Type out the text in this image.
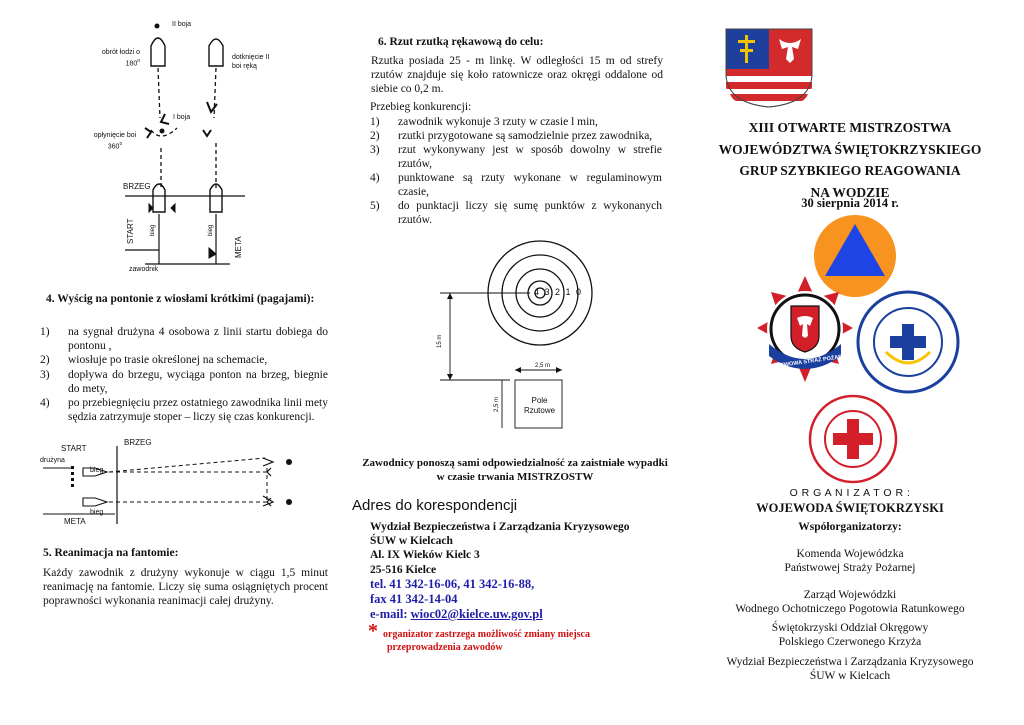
II boja
obrót łodzi o 180$^o$	dotknięcie II boi ręką
I boja
opłynięcie boi 360$^o$
BRZEG
START	bieg	bieg
META
zawodnik
4. Wyścig na pontonie z wiosłami krótkimi (pagajami):
1) na sygnał drużyna 4 osobowa z linii startu dobiega do pontonu ,
2) wiosłuje po trasie określonej na schemacie,
3) dopływa do brzegu, wyciąga ponton na brzeg, biegnie do mety,
4) po przebiegnięciu przez ostatniego zawodnika linii mety sędzia zatrzymuje stoper – liczy się czas konkurencji.
BRZEG
START
drużyna
bieg
bieg
META
5. Reanimacja na fantomie:
Każdy zawodnik z drużyny wykonuje w ciągu 1,5 minut reanimację na fantomie. Liczy się suma osiągniętych procent poprawności wykonania reanimacji całej drużyny.
6. Rzut rzutką rękawową do celu:
Rzutka posiada 25 - m linkę. W odległości 15 m od strefy rzutów znajduje się koło ratownicze oraz okręgi oddalone od siebie co 0,2 m.
Przebieg konkurencji:
1) zawodnik wykonuje 3 rzuty w czasie l min,
2) rzutki przygotowane są samodzielnie przez zawodnika,
3) rzut wykonywany jest w sposób dowolny w strefie rzutów,
4) punktowane są rzuty wykonane w regulaminowym czasie,
5) do punktacji liczy się sumę punktów z wykonanych rzutów.
4 3 2 1 0
15 m
2,5 m
2,5 m	Pole
Rzutowe
Zawodnicy ponoszą sami odpowiedzialność za zaistniałe wypadki w czasie trwania MISTRZOSTW
Adres do korespondencji
Wydział Bezpieczeństwa i Zarządzania Kryzysowego
ŚUW w Kielcach
Al. IX Wieków Kielc 3
25-516 Kielce
tel. 41 342-16-06, 41 342-16-88,
fax 41 342-14-04
e-mail: wioc02@kielce.uw.gov.pl
* organizator zastrzega możliwość zmiany miejsca
przeprowadzenia zawodów
XIII OTWARTE MISTRZOSTWA
WOJEWÓDZTWA ŚWIĘTOKRZYSKIEGO
GRUP SZYBKIEGO REAGOWANIA
NA WODZIE
30 sierpnia 2014 r.
PAŃSTWOWA STRAŻ POŻARNA
O R G A N I Z A T O R :
WOJEWODA ŚWIĘTOKRZYSKI
Współorganizatorzy:
Komenda Wojewódzka
Państwowej Straży Pożarnej
Zarząd Wojewódzki
Wodnego Ochotniczego Pogotowia Ratunkowego
Świętokrzyski Oddział Okręgowy
Polskiego Czerwonego Krzyża
Wydział Bezpieczeństwa i Zarządzania Kryzysowego
ŚUW w Kielcach
